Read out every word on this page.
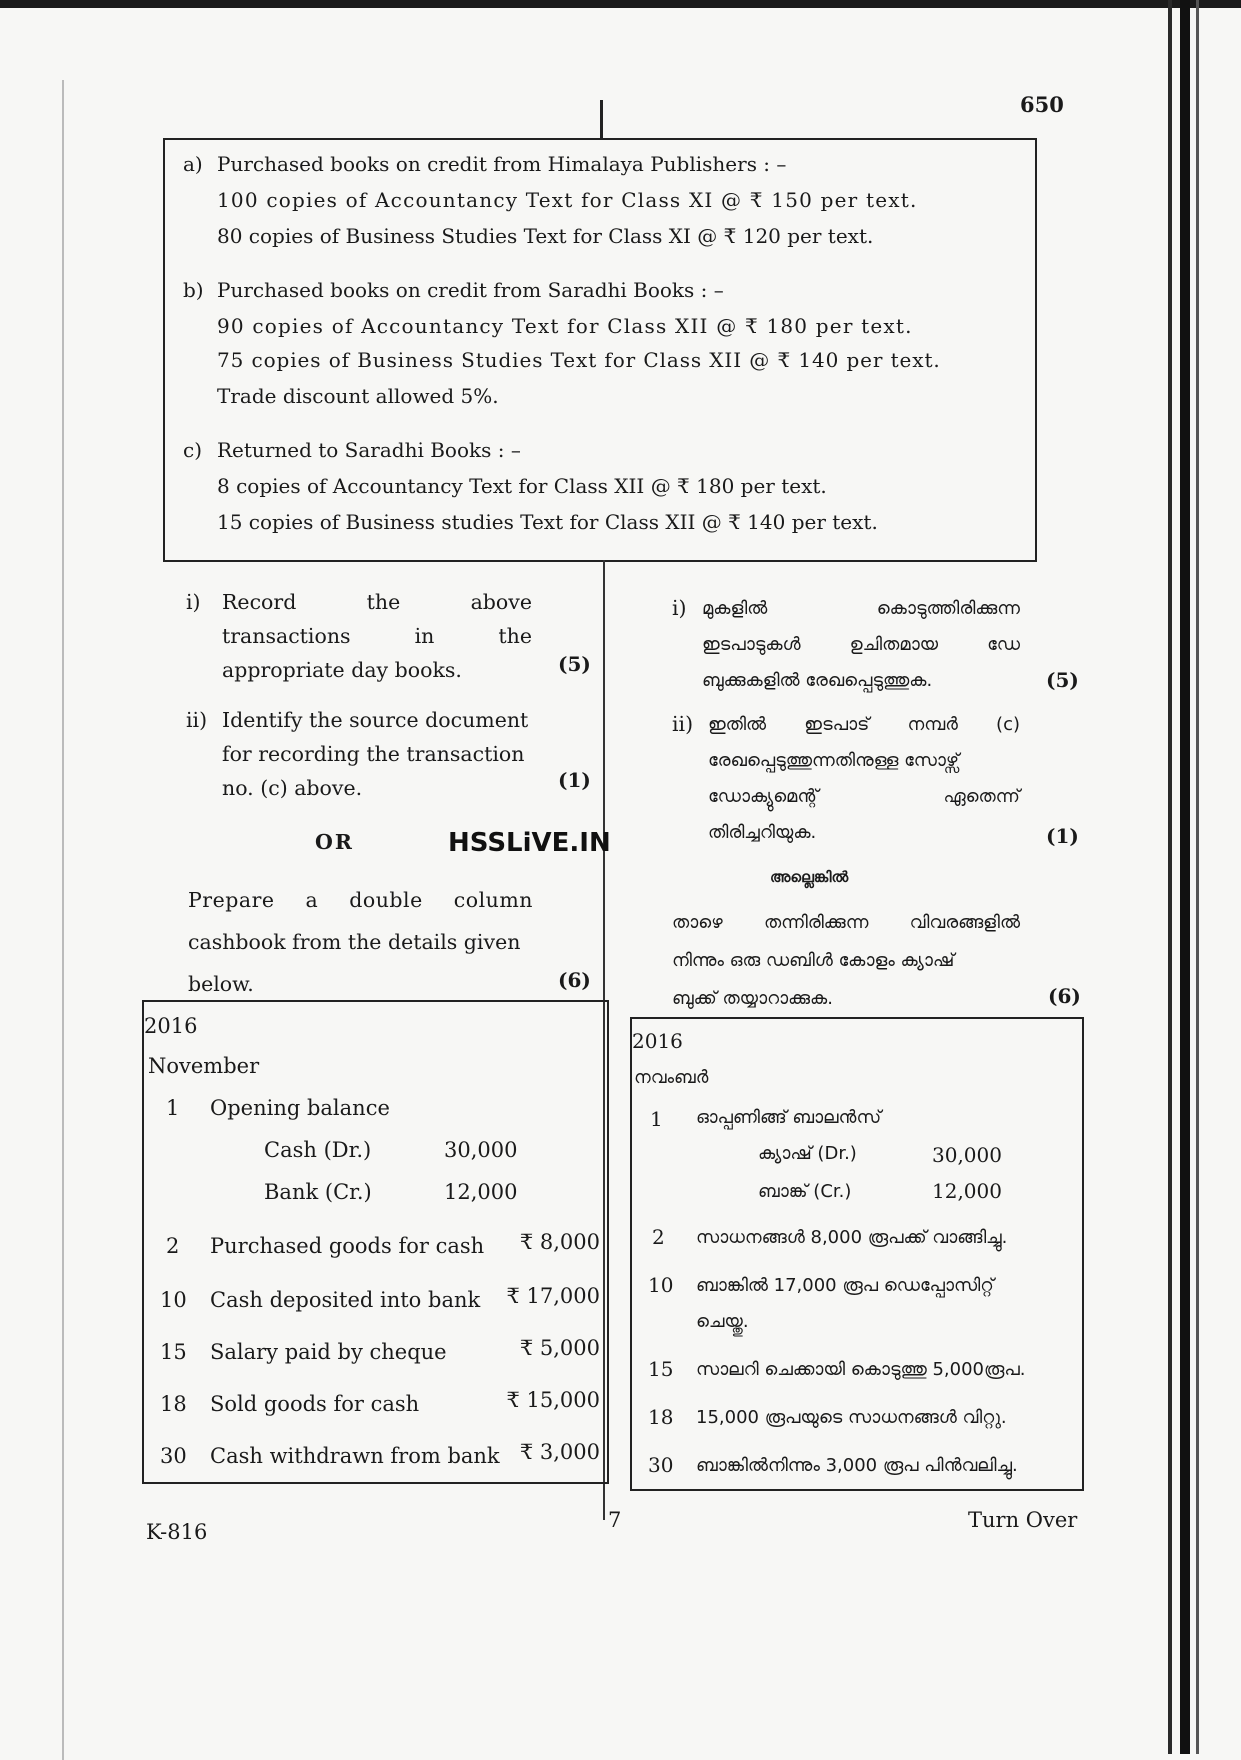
650
a) Purchased books on credit from Himalaya Publishers : –
100 copies of Accountancy Text for Class XI @ ₹ 150 per text.
80 copies of Business Studies Text for Class XI @ ₹ 120 per text.
b) Purchased books on credit from Saradhi Books : –
90 copies of Accountancy Text for Class XII @ ₹ 180 per text.
75 copies of Business Studies Text for Class XII @ ₹ 140 per text.
Trade discount allowed 5%.
c) Returned to Saradhi Books : –
8 copies of Accountancy Text for Class XII @ ₹ 180 per text.
15 copies of Business studies Text for Class XII @ ₹ 140 per text.
i) Record the above
transactions in the
appropriate day books.	(5)
ii) Identify the source document
for recording the transaction
no. (c) above.	(1)
OR
Prepare a double column
cashbook from the details given
below.	(6)
i) മുകളിൽ കൊടുത്തിരിക്കുന്ന
ഇടപാടുകൾ ഉചിതമായ ഡേ
ബുക്കുകളിൽ രേഖപ്പെടുത്തുക.	(5)
ii) ഇതിൽ ഇടപാട് നമ്പർ (c)
രേഖപ്പെടുത്തുന്നതിനുള്ള സോഴ്സ്
ഡോക്യുമെന്റ് ഏതെന്ന്
തിരിച്ചറിയുക.	(1)
അല്ലെങ്കിൽ
താഴെ തന്നിരിക്കുന്ന വിവരങ്ങളിൽ
നിന്നും ഒരു ഡബിൾ കോളം ക്യാഷ്
ബുക്ക് തയ്യാറാക്കുക.	(6)
HSSLiVE.IN
2016
November
1 Opening balance
Cash (Dr.)	30,000
Bank (Cr.)	12,000
2 Purchased goods for cash	₹ 8,000
10 Cash deposited into bank	₹ 17,000
15 Salary paid by cheque	₹ 5,000
18 Sold goods for cash	₹ 15,000
30 Cash withdrawn from bank ₹ 3,000
2016
നവംബർ
1 ഓപ്പണിങ്ങ് ബാലൻസ്
ക്യാഷ് (Dr.)	30,000
ബാങ്ക് (Cr.)	12,000
2 സാധനങ്ങൾ 8,000 രൂപക്ക് വാങ്ങിച്ചു.
10 ബാങ്കിൽ 17,000 രൂപ ഡെപ്പോസിറ്റ്
ചെയ്തു.
15 സാലറി ചെക്കായി കൊടുത്തു 5,000രൂപ.
18 15,000 രൂപയുടെ സാധനങ്ങൾ വിറ്റു.
30 ബാങ്കിൽനിന്നും 3,000 രൂപ പിൻവലിച്ചു.
K-816	7	Turn Over
